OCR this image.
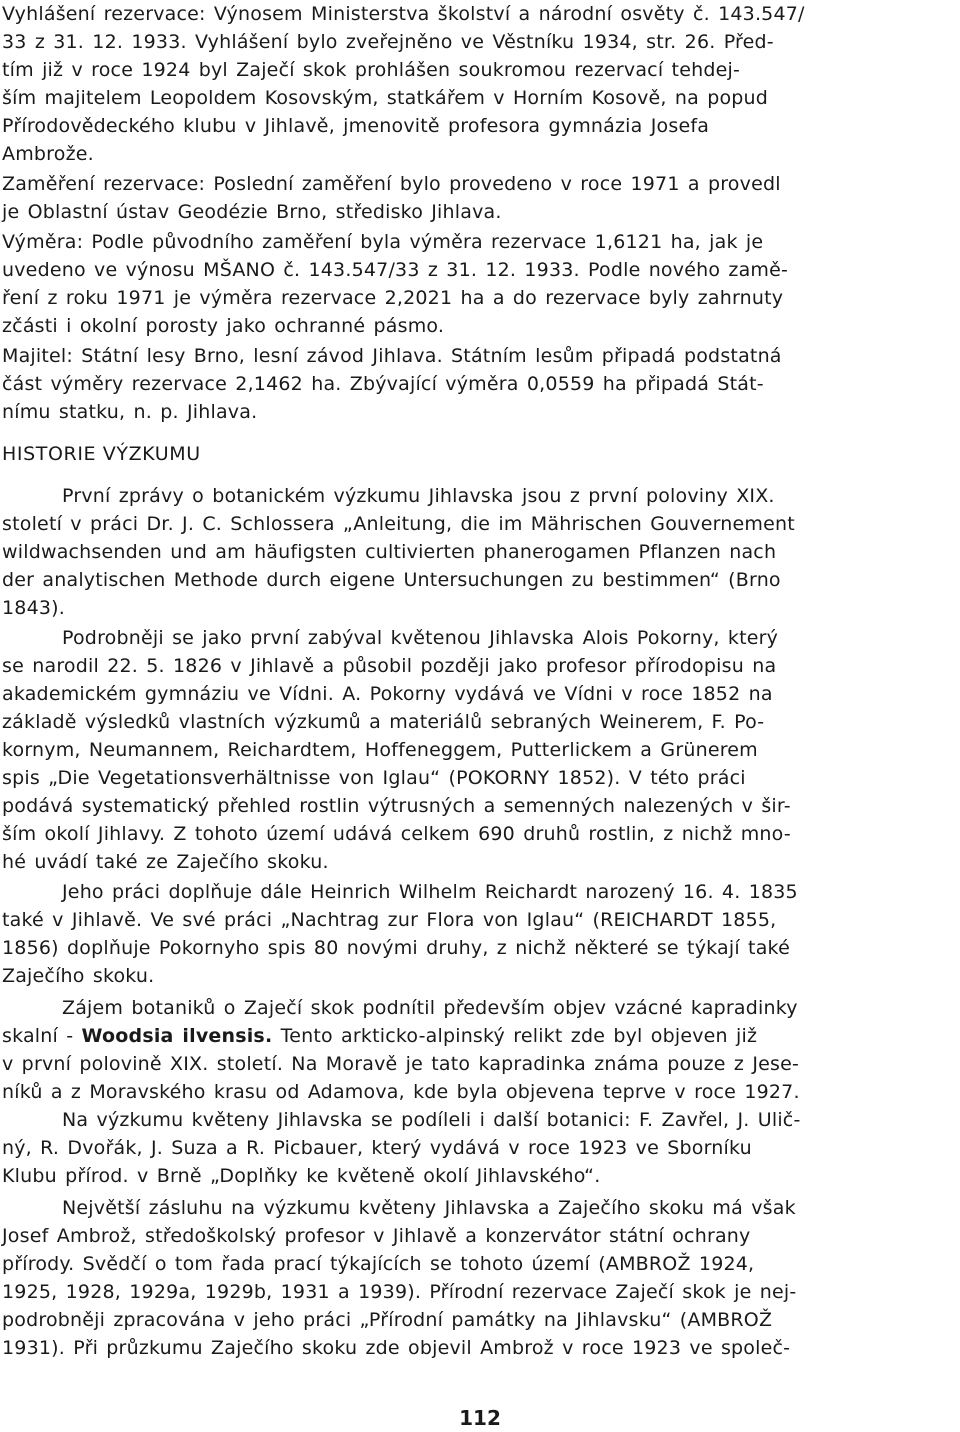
Vyhlášení rezervace: Výnosem Ministerstva školství a národní osvěty č. 143.547/
33 z 31. 12. 1933. Vyhlášení bylo zveřejněno ve Věstníku 1934, str. 26. Před-
tím již v roce 1924 byl Zaječí skok prohlášen soukromou rezervací tehdej-
ším majitelem Leopoldem Kosovským, statkářem v Horním Kosově, na popud
Přírodovědeckého klubu v Jihlavě, jmenovitě profesora gymnázia Josefa
Ambrože.
Zaměření rezervace: Poslední zaměření bylo provedeno v roce 1971 a provedl
je Oblastní ústav Geodézie Brno, středisko Jihlava.
Výměra: Podle původního zaměření byla výměra rezervace 1,6121 ha, jak je
uvedeno ve výnosu MŠANO č. 143.547/33 z 31. 12. 1933. Podle nového zamě-
ření z roku 1971 je výměra rezervace 2,2021 ha a do rezervace byly zahrnuty
zčásti i okolní porosty jako ochranné pásmo.
Majitel: Státní lesy Brno, lesní závod Jihlava. Státním lesům připadá podstatná
část výměry rezervace 2,1462 ha. Zbývající výměra 0,0559 ha připadá Stát-
nímu statku, n. p. Jihlava.
HISTORIE VÝZKUMU
První zprávy o botanickém výzkumu Jihlavska jsou z první poloviny XIX.
století v práci Dr. J. C. Schlossera „Anleitung, die im Mährischen Gouvernement
wildwachsenden und am häufigsten cultivierten phanerogamen Pflanzen nach
der analytischen Methode durch eigene Untersuchungen zu bestimmen“ (Brno
1843).
Podrobněji se jako první zabýval květenou Jihlavska Alois Pokorny, který
se narodil 22. 5. 1826 v Jihlavě a působil později jako profesor přírodopisu na
akademickém gymnáziu ve Vídni. A. Pokorny vydává ve Vídni v roce 1852 na
základě výsledků vlastních výzkumů a materiálů sebraných Weinerem, F. Po-
kornym, Neumannem, Reichardtem, Hoffeneggem, Putterlickem a Grünerem
spis „Die Vegetationsverhältnisse von Iglau“ (POKORNY 1852). V této práci
podává systematický přehled rostlin výtrusných a semenných nalezených v šir-
ším okolí Jihlavy. Z tohoto území udává celkem 690 druhů rostlin, z nichž mno-
hé uvádí také ze Zaječího skoku.
Jeho práci doplňuje dále Heinrich Wilhelm Reichardt narozený 16. 4. 1835
také v Jihlavě. Ve své práci „Nachtrag zur Flora von Iglau“ (REICHARDT 1855,
1856) doplňuje Pokornyho spis 80 novými druhy, z nichž některé se týkají také
Zaječího skoku.
Zájem botaniků o Zaječí skok podnítil především objev vzácné kapradinky
skalní - Woodsia ilvensis. Tento arkticko-alpinský relikt zde byl objeven již
v první polovině XIX. století. Na Moravě je tato kapradinka známa pouze z Jese-
níků a z Moravského krasu od Adamova, kde byla objevena teprve v roce 1927.
Na výzkumu květeny Jihlavska se podíleli i další botanici: F. Zavřel, J. Ulič-
ný, R. Dvořák, J. Suza a R. Picbauer, který vydává v roce 1923 ve Sborníku
Klubu přírod. v Brně „Doplňky ke květeně okolí Jihlavského“.
Největší zásluhu na výzkumu květeny Jihlavska a Zaječího skoku má však
Josef Ambrož, středoškolský profesor v Jihlavě a konzervátor státní ochrany
přírody. Svědčí o tom řada prací týkajících se tohoto území (AMBROŽ 1924,
1925, 1928, 1929a, 1929b, 1931 a 1939). Přírodní rezervace Zaječí skok je nej-
podrobněji zpracována v jeho práci „Přírodní památky na Jihlavsku“ (AMBROŽ
1931). Při průzkumu Zaječího skoku zde objevil Ambrož v roce 1923 ve společ-
112
